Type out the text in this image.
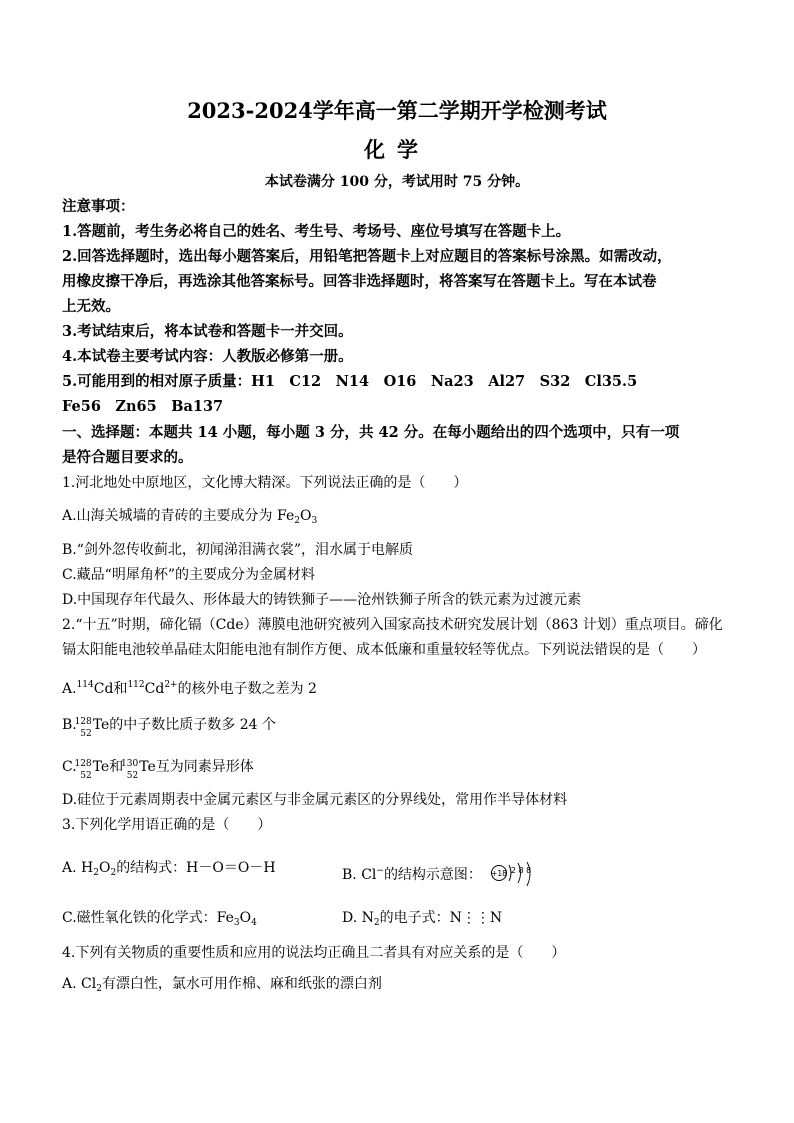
2023-2024学年高一第二学期开学检测考试
化学
本试卷满分 100 分，考试用时 75 分钟。
注意事项：
1.答题前，考生务必将自己的姓名、考生号、考场号、座位号填写在答题卡上。
2.回答选择题时，选出每小题答案后，用铅笔把答题卡上对应题目的答案标号涂黑。如需改动，
用橡皮擦干净后，再选涂其他答案标号。回答非选择题时，将答案写在答题卡上。写在本试卷
上无效。
3.考试结束后，将本试卷和答题卡一并交回。
4.本试卷主要考试内容：人教版必修第一册。
5.可能用到的相对原子质量：H1　C12　N14　O16　Na23　Al27　S32　Cl35.5
Fe56　Zn65　Ba137
一、选择题：本题共 14 小题，每小题 3 分，共 42 分。在每小题给出的四个选项中，只有一项
是符合题目要求的。
1.河北地处中原地区，文化博大精深。下列说法正确的是（　　）
A.山海关城墙的青砖的主要成分为 $Fe_2O_3$
B.“剑外忽传收蓟北，初闻涕泪满衣裳”，泪水属于电解质
C.藏品“明犀角杯”的主要成分为金属材料
D.中国现存年代最久、形体最大的铸铁狮子——沧州铁狮子所含的铁元素为过渡元素
2.“十五”时期，碲化镉（Cde）薄膜电池研究被列入国家高技术研究发展计划（863 计划）重点项目。碲化
镉太阳能电池较单晶硅太阳能电池有制作方便、成本低廉和重量较轻等优点。下列说法错误的是（　　）
A.$^{114}$Cd和$^{112}Cd^{2+}$的核外电子数之差为 2
B.
128
52
Te的中子数比质子数多 24 个
C.
128
52
Te和
130
52
Te互为同素异形体
D.硅位于元素周期表中金属元素区与非金属元素区的分界线处，常用作半导体材料
3.下列化学用语正确的是（　　）
A. $H_2O_2$的结构式：H－O＝O－H	B. Cl−的结构示意图： +18 2 8 8
C.磁性氧化铁的化学式：$Fe_3O_4$	D. $N_2$的电子式：N⋮⋮N
4.下列有关物质的重要性质和应用的说法均正确且二者具有对应关系的是（　　）
A. $Cl_2$有漂白性，氯水可用作棉、麻和纸张的漂白剂
